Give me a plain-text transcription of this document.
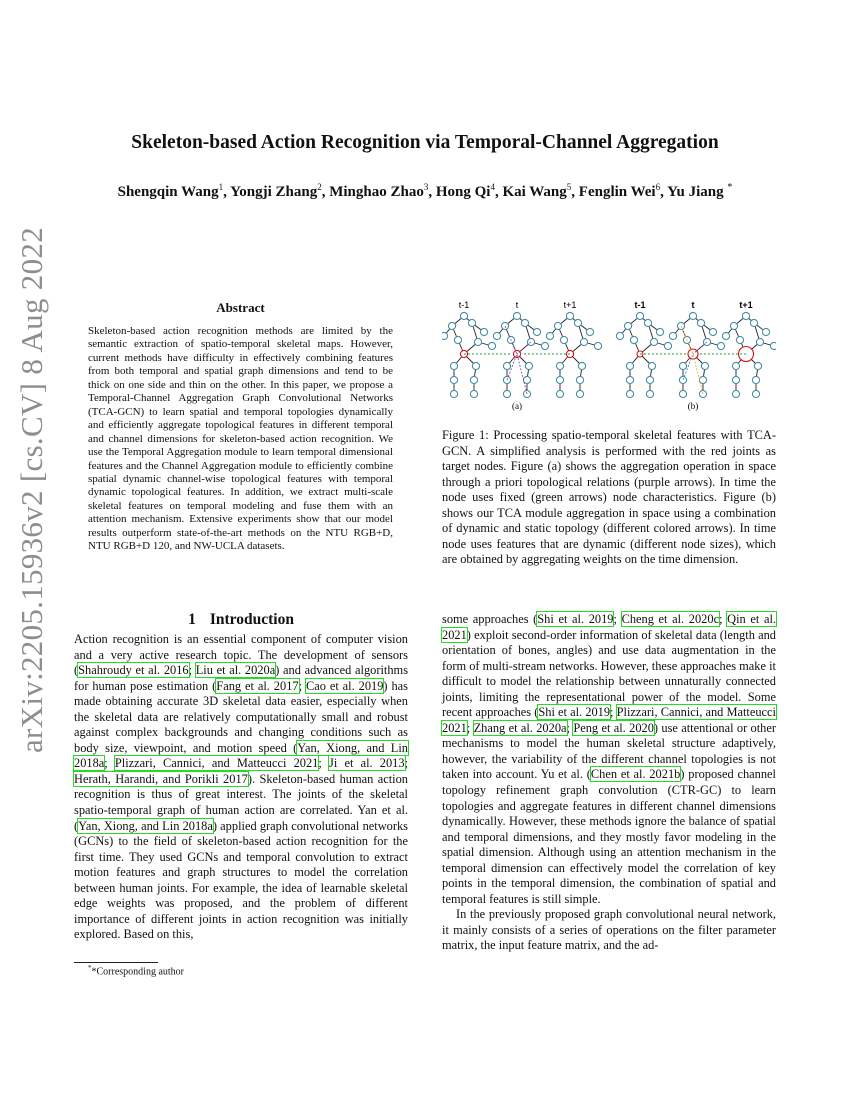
arXiv:2205.15936v2 [cs.CV] 8 Aug 2022
Skeleton-based Action Recognition via Temporal-Channel Aggregation
Shengqin Wang$^1$, Yongji Zhang$^2$, Minghao Zhao$^3$, Hong Qi$^4$, Kai Wang$^5$, Fenglin Wei$^6$, Yu Jiang *
Abstract
Skeleton-based action recognition methods are limited by the semantic extraction of spatio-temporal skeletal maps. However, current methods have difficulty in effectively combining features from both temporal and spatial graph dimensions and tend to be thick on one side and thin on the other. In this paper, we propose a Temporal-Channel Aggregation Graph Convolutional Networks (TCA-GCN) to learn spatial and temporal topologies dynamically and efficiently aggregate topological features in different temporal and channel dimensions for skeleton-based action recognition. We use the Temporal Aggregation module to learn temporal dimensional features and the Channel Aggregation module to efficiently combine spatial dynamic channel-wise topological features with temporal dynamic topological features. In addition, we extract multi-scale skeletal features on temporal modeling and fuse them with an attention mechanism. Extensive experiments show that our model results outperform state-of-the-art methods on the NTU RGB+D, NTU RGB+D 120, and NW-UCLA datasets.
t-1	t	t+1
(a)
t-1	t	t+1
(b)
Figure 1: Processing spatio-temporal skeletal features with TCA-GCN. A simplified analysis is performed with the red joints as target nodes. Figure (a) shows the aggregation operation in space through a priori topological relations (purple arrows). In time the node uses fixed (green arrows) node characteristics. Figure (b) shows our TCA module aggregation in space using a combination of dynamic and static topology (different colored arrows). In time node uses features that are dynamic (different node sizes), which are obtained by aggregating weights on the time dimension.
1 Introduction

Action recognition is an essential component of computer vision and a very active research topic. The development of sensors (Shahroudy et al. 2016; Liu et al. 2020a) and advanced algorithms for human pose estimation (Fang et al. 2017; Cao et al. 2019) has made obtaining accurate 3D skeletal data easier, especially when the skeletal data are relatively computationally small and robust against complex backgrounds and changing conditions such as body size, viewpoint, and motion speed (Yan, Xiong, and Lin 2018a; Plizzari, Cannici, and Matteucci 2021; Ji et al. 2013; Herath, Harandi, and Porikli 2017). Skeleton-based human action recognition is thus of great interest. The joints of the skeletal spatio-temporal graph of human action are correlated. Yan et al. (Yan, Xiong, and Lin 2018a) applied graph convolutional networks (GCNs) to the field of skeleton-based action recognition for the first time. They used GCNs and temporal convolution to extract motion features and graph structures to model the correlation between human joints. For example, the idea of learnable skeletal edge weights was proposed, and the problem of different importance of different joints in action recognition was initially explored. Based on this,

some approaches (Shi et al. 2019; Cheng et al. 2020c; Qin et al. 2021) exploit second-order information of skeletal data (length and orientation of bones, angles) and use data augmentation in the form of multi-stream networks. However, these approaches make it difficult to model the relationship between unnaturally connected joints, limiting the representational power of the model. Some recent approaches (Shi et al. 2019; Plizzari, Cannici, and Matteucci 2021; Zhang et al. 2020a; Peng et al. 2020) use attentional or other mechanisms to model the human skeletal structure adaptively, however, the variability of the different channel topologies is not taken into account. Yu et al. (Chen et al. 2021b) proposed channel topology refinement graph convolution (CTR-GC) to learn topologies and aggregate features in different channel dimensions dynamically. However, these methods ignore the balance of spatial and temporal dimensions, and they mostly favor modeling in the spatial dimension. Although using an attention mechanism in the temporal dimension can effectively model the correlation of key points in the temporal dimension, the combination of spatial and temporal features is still simple.

In the previously proposed graph convolutional neural network, it mainly consists of a series of operations on the filter parameter matrix, the input feature matrix, and the ad-

**Corresponding author
